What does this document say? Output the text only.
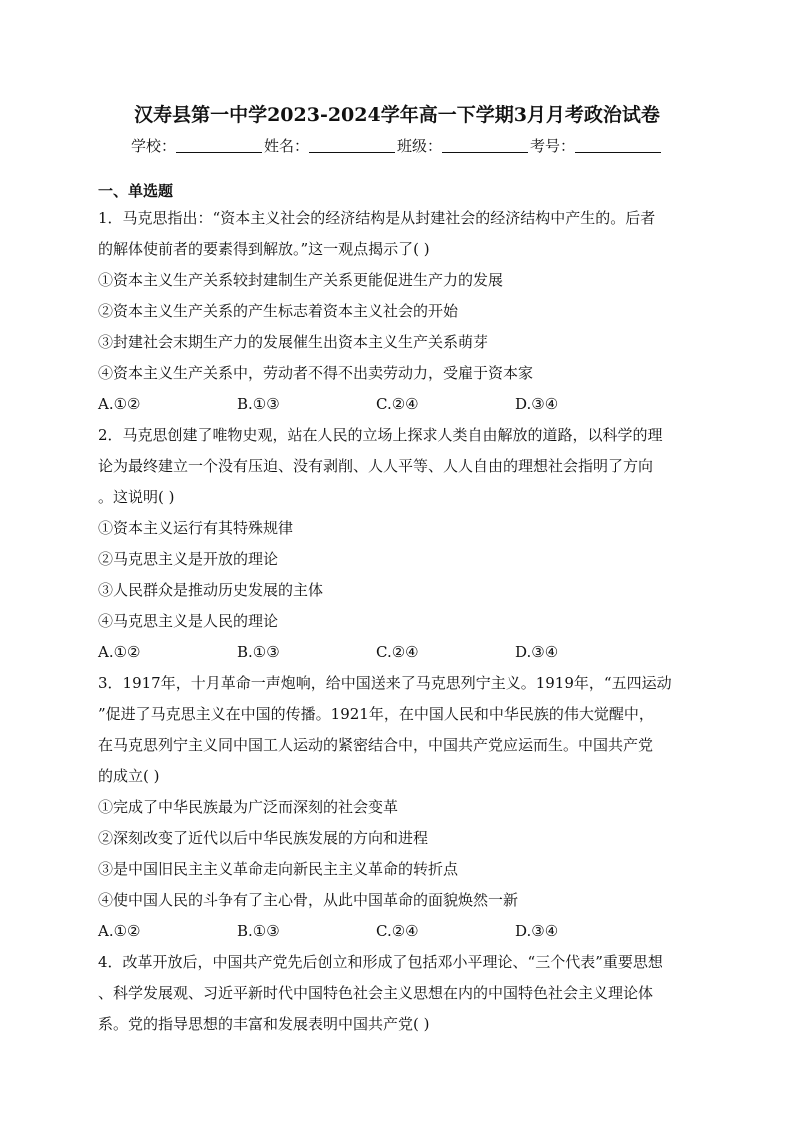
汉寿县第一中学2023-2024学年高一下学期3月月考政治试卷
学校：	姓名：	班级：	考号：
一、单选题
1．马克思指出：“资本主义社会的经济结构是从封建社会的经济结构中产生的。后者
的解体使前者的要素得到解放。”这一观点揭示了( )
①资本主义生产关系较封建制生产关系更能促进生产力的发展
②资本主义生产关系的产生标志着资本主义社会的开始
③封建社会末期生产力的发展催生出资本主义生产关系萌芽
④资本主义生产关系中，劳动者不得不出卖劳动力，受雇于资本家
A.①②	B.①③	C.②④	D.③④
2．马克思创建了唯物史观，站在人民的立场上探求人类自由解放的道路，以科学的理
论为最终建立一个没有压迫、没有剥削、人人平等、人人自由的理想社会指明了方向
。这说明( )
①资本主义运行有其特殊规律
②马克思主义是开放的理论
③人民群众是推动历史发展的主体
④马克思主义是人民的理论
A.①②	B.①③	C.②④	D.③④
3．1917年，十月革命一声炮响，给中国送来了马克思列宁主义。1919年，“五四运动
”促进了马克思主义在中国的传播。1921年，在中国人民和中华民族的伟大觉醒中，
在马克思列宁主义同中国工人运动的紧密结合中，中国共产党应运而生。中国共产党
的成立( )
①完成了中华民族最为广泛而深刻的社会变革
②深刻改变了近代以后中华民族发展的方向和进程
③是中国旧民主主义革命走向新民主主义革命的转折点
④使中国人民的斗争有了主心骨，从此中国革命的面貌焕然一新
A.①②	B.①③	C.②④	D.③④
4．改革开放后，中国共产党先后创立和形成了包括邓小平理论、“三个代表”重要思想
、科学发展观、习近平新时代中国特色社会主义思想在内的中国特色社会主义理论体
系。党的指导思想的丰富和发展表明中国共产党( )
